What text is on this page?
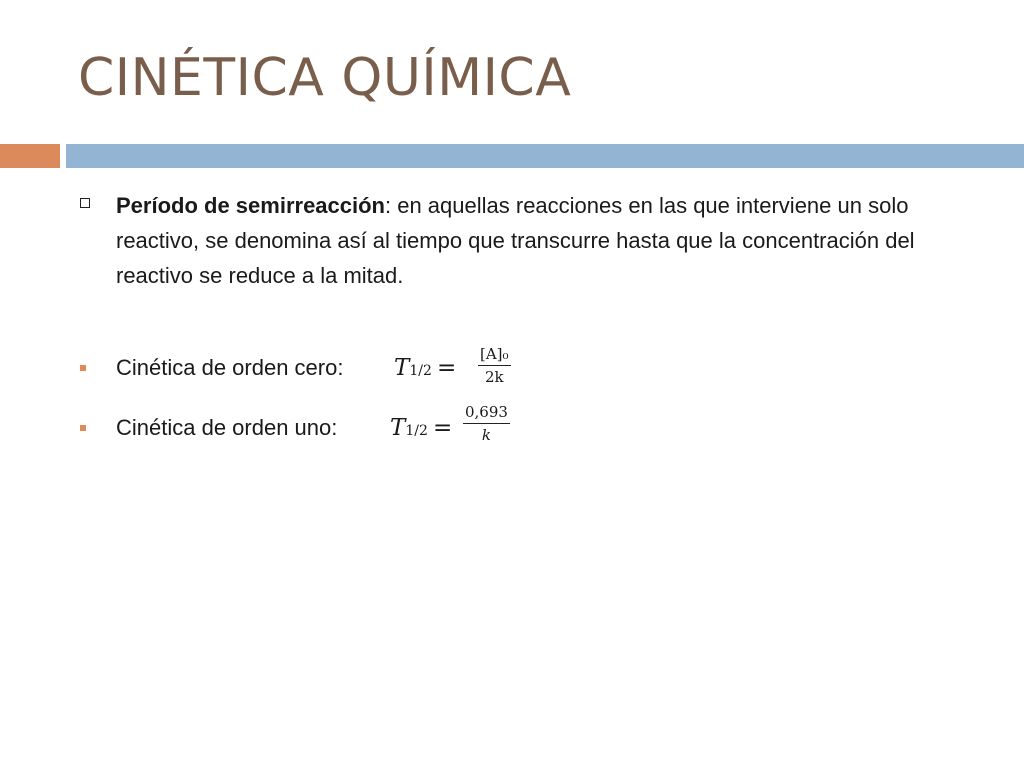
CINÉTICA QUÍMICA
Período de semirreacción: en aquellas reacciones en las que interviene un solo reactivo, se denomina así al tiempo que transcurre hasta que la concentración del reactivo se reduce a la mitad.
Cinética de orden cero: T1/2 =
[A]₀
2k
Cinética de orden uno: T1/2 =
0,693
k
